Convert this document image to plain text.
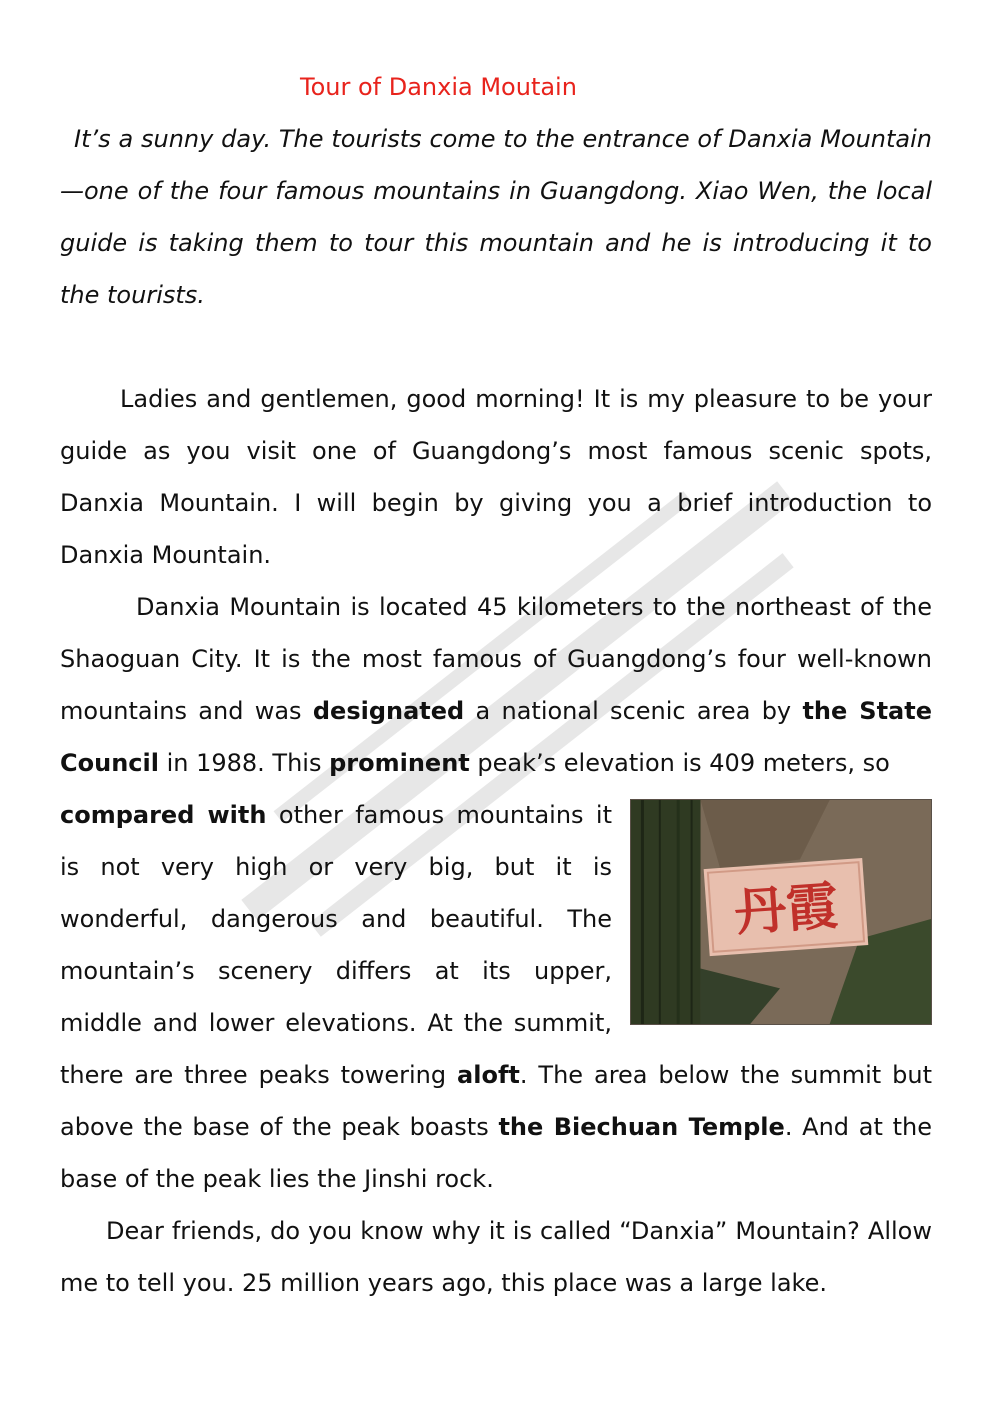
Tour of Danxia Moutain

It’s a sunny day. The tourists come to the entrance of Danxia Mountain—one of the four famous mountains in Guangdong. Xiao Wen, the local guide is taking them to tour this mountain and he is introducing it to the tourists.

Ladies and gentlemen, good morning! It is my pleasure to be your guide as you visit one of Guangdong’s most famous scenic spots, Danxia Mountain. I will begin by giving you a brief introduction to Danxia Mountain.

Danxia Mountain is located 45 kilometers to the northeast of the Shaoguan City. It is the most famous of Guangdong’s four well-known mountains and was designated a national scenic area by the State Council in 1988. This prominent peak’s elevation is 409 meters, so

丹霞
compared with other famous mountains it is not very high or very big, but it is wonderful, dangerous and beautiful. The mountain’s scenery differs at its upper, middle and lower elevations. At the summit, there are three peaks towering aloft. The area below the summit but above the base of the peak boasts the Biechuan Temple. And at the base of the peak lies the Jinshi rock.

Dear friends, do you know why it is called “Danxia” Mountain? Allow me to tell you. 25 million years ago, this place was a large lake.
